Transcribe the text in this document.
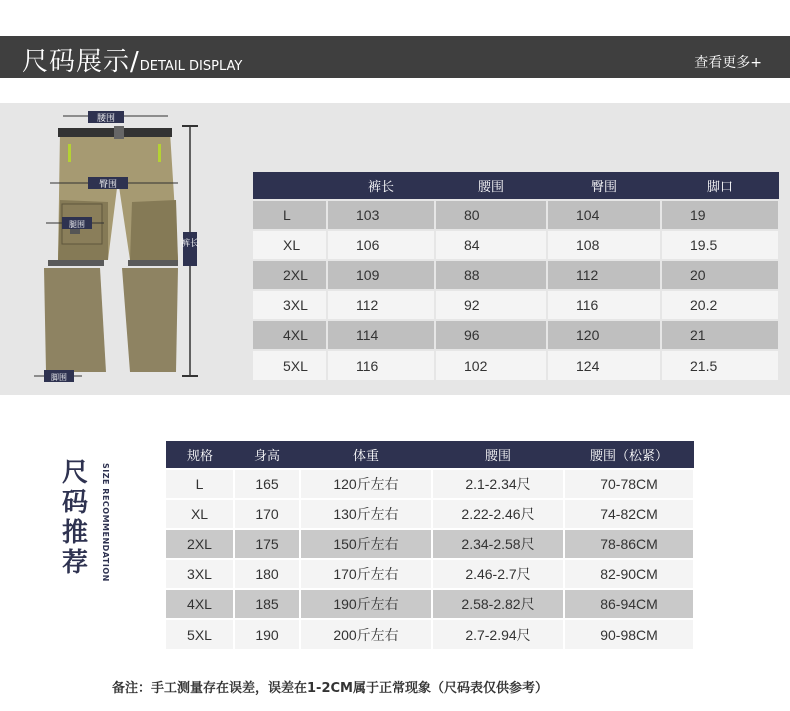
尺码展示/DETAIL DISPLAY	查看更多+
腰围
臀围
腿围
裤长
脚围
	裤长	腰围	臀围	脚口
L	103	80	104	19
XL	106	84	108	19.5
2XL	109	88	112	20
3XL	112	92	116	20.2
4XL	114	96	120	21
5XL	116	102	124	21.5
尺
码
推
荐	SIZE RECOMMENDATION
规格	身高	体重	腰围	腰围（松紧）
L	165	120斤左右	2.1-2.34尺	70-78CM
XL	170	130斤左右	2.22-2.46尺	74-82CM
2XL	175	150斤左右	2.34-2.58尺	78-86CM
3XL	180	170斤左右	2.46-2.7尺	82-90CM
4XL	185	190斤左右	2.58-2.82尺	86-94CM
5XL	190	200斤左右	2.7-2.94尺	90-98CM
备注：手工测量存在误差，误差在1-2CM属于正常现象（尺码表仅供参考）
